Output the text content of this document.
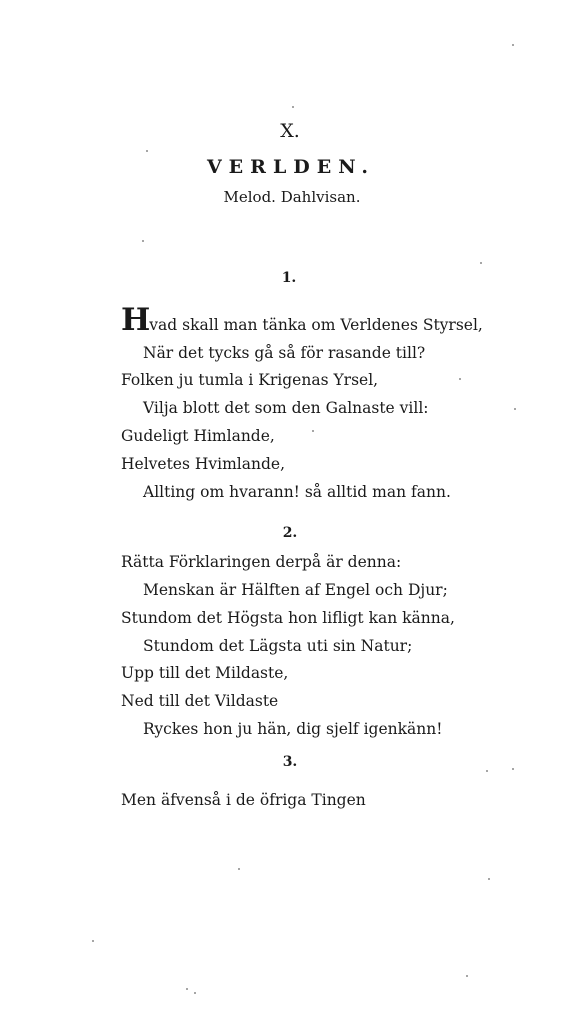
X.
VERLDEN.
Melod. Dahlvisan.
1.
Hvad skall man tänka om Verldenes Styrsel,
När det tycks gå så för rasande till?
Folken ju tumla i Krigenas Yrsel,
Vilja blott det som den Galnaste vill:
Gudeligt Himlande,
Helvetes Hvimlande,
Allting om hvarann! så alltid man fann.
2.
Rätta Förklaringen derpå är denna:
Menskan är Hälften af Engel och Djur;
Stundom det Högsta hon lifligt kan känna,
Stundom det Lägsta uti sin Natur;
Upp till det Mildaste,
Ned till det Vildaste
Ryckes hon ju hän, dig sjelf igenkänn!
3.
Men äfvenså i de öfriga Tingen
